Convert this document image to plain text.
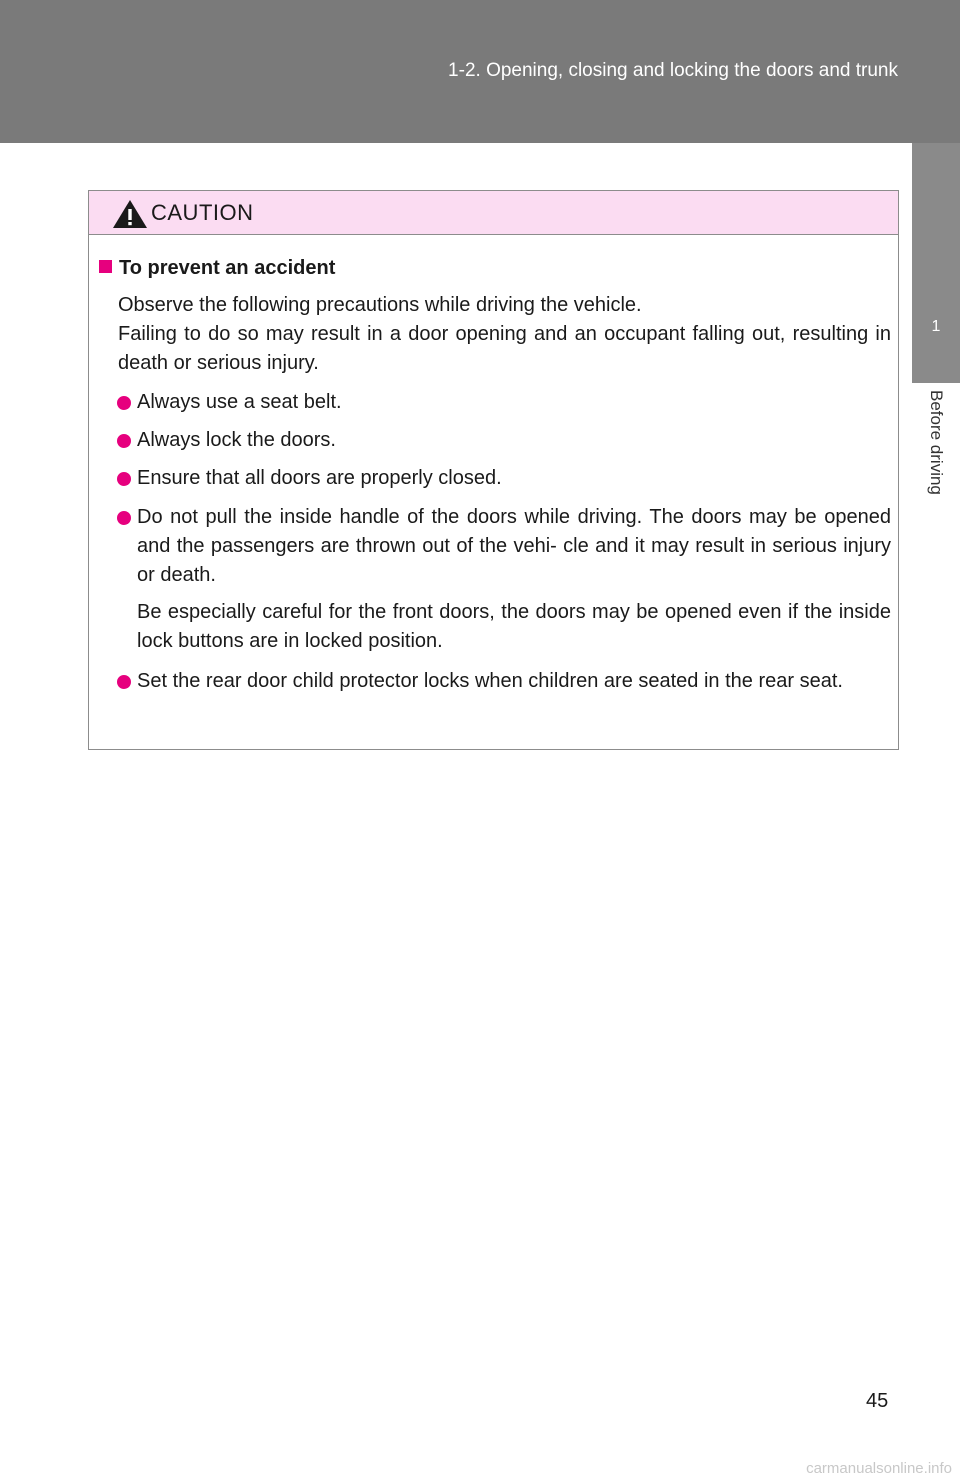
1-2. Opening, closing and locking the doors and trunk
1
Before driving
CAUTION
To prevent an accident
Observe the following precautions while driving the vehicle.
Failing to do so may result in a door opening and an occupant falling out, resulting in death or serious injury.
Always use a seat belt.
Always lock the doors.
Ensure that all doors are properly closed.
Do not pull the inside handle of the doors while driving. The doors may be opened and the passengers are thrown out of the vehi- cle and it may result in serious injury or death.
Be especially careful for the front doors, the doors may be opened even if the inside lock buttons are in locked position.
Set the rear door child protector locks when children are seated in the rear seat.
45
carmanualsonline.info
